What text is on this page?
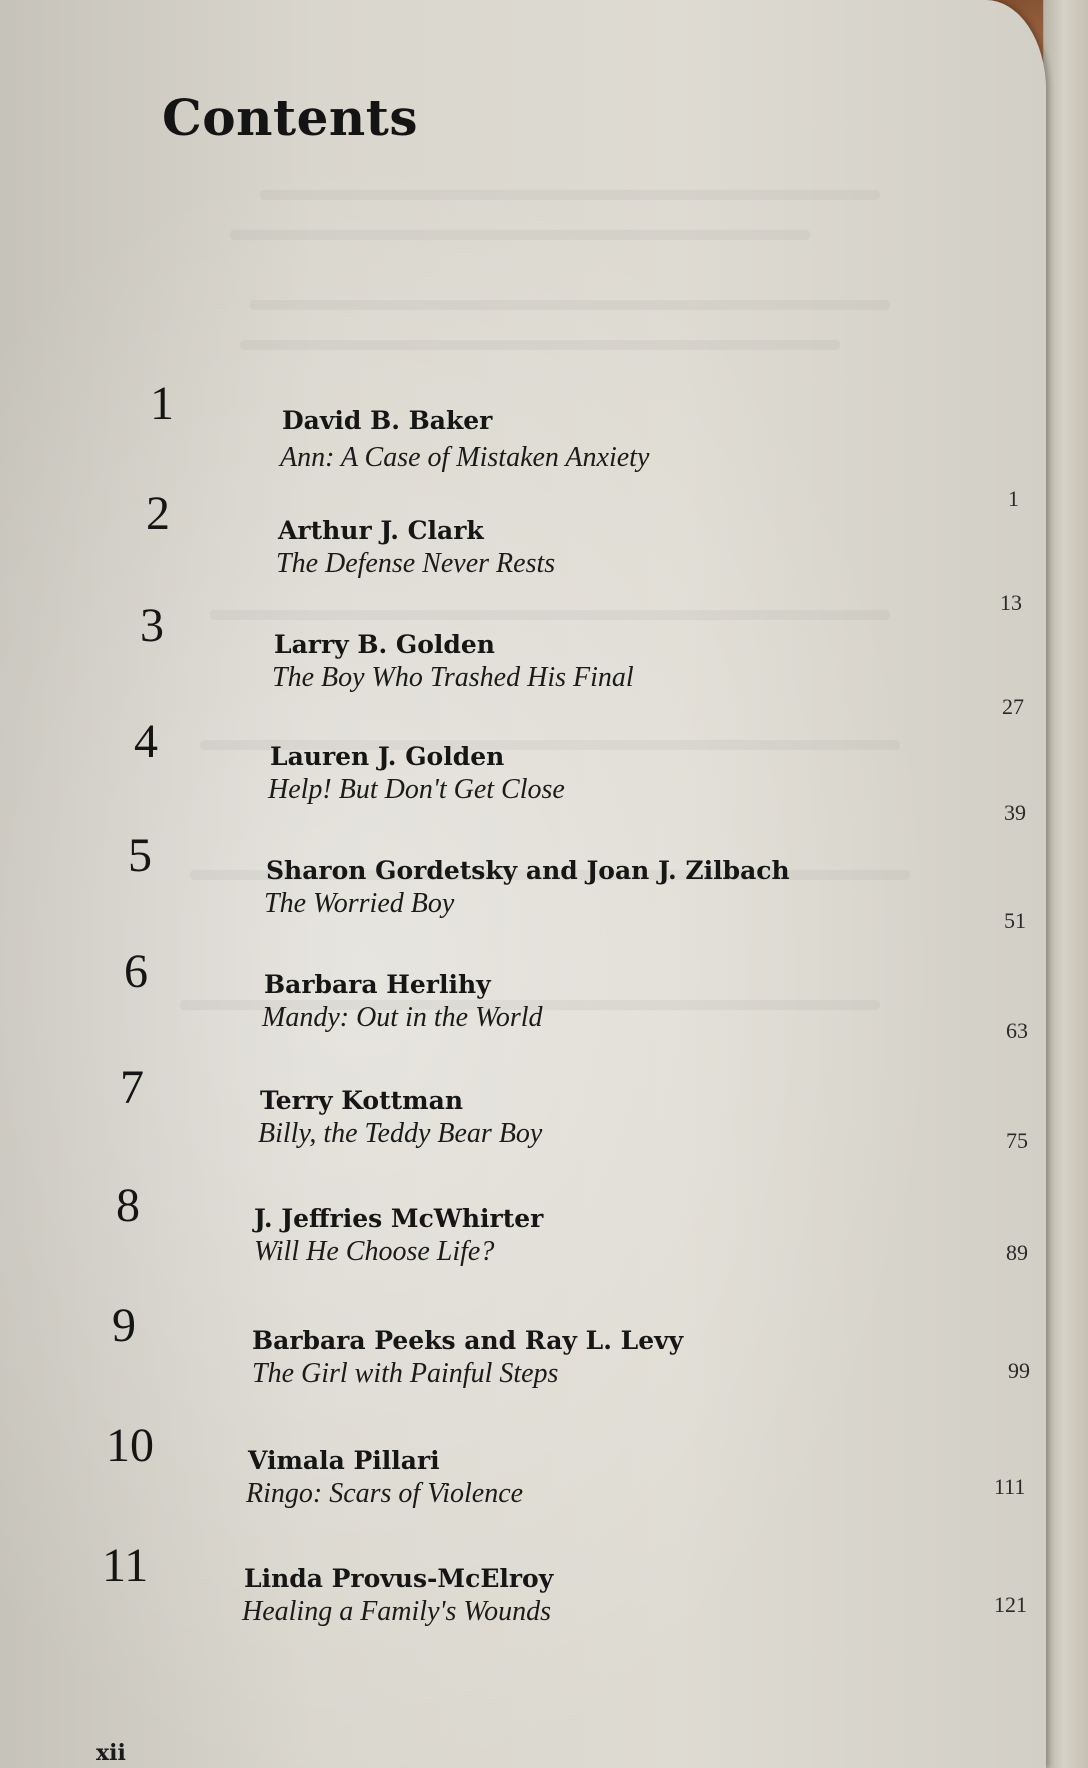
Contents
1	David B. Baker
Ann: A Case of Mistaken Anxiety
1
2	Arthur J. Clark
The Defense Never Rests
13
3	Larry B. Golden
The Boy Who Trashed His Final
27
4	Lauren J. Golden
Help! But Don't Get Close
39
5	Sharon Gordetsky and Joan J. Zilbach
The Worried Boy
51
6	Barbara Herlihy
Mandy: Out in the World	63
7	Terry Kottman
Billy, the Teddy Bear Boy	75
8	J. Jeffries McWhirter
Will He Choose Life?	89
9	Barbara Peeks and Ray L. Levy
The Girl with Painful Steps	99
10	Vimala Pillari
Ringo: Scars of Violence	111
11	Linda Provus-McElroy
Healing a Family's Wounds	121
xii
